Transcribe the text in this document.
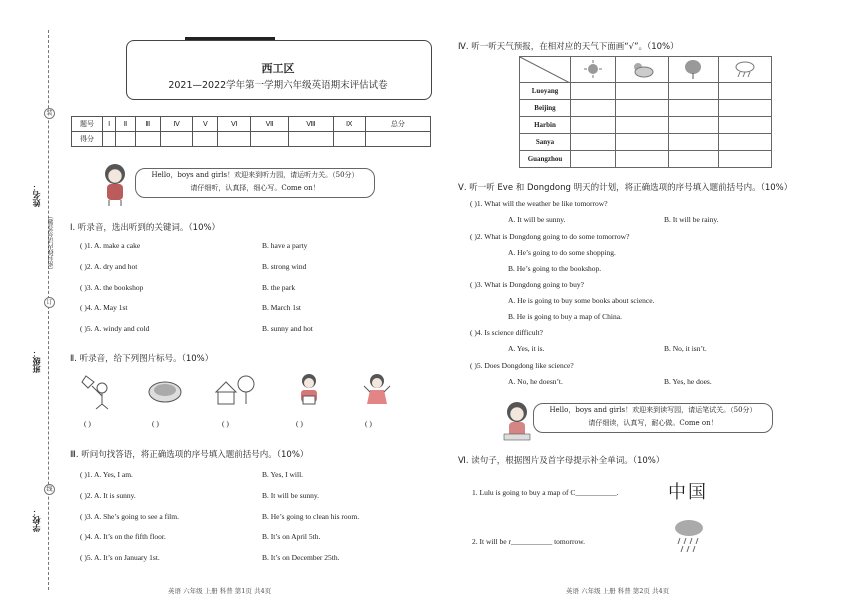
装
订
线
姓名：
（密封线内请勿答题）
班级：
学校：
西工区
2021—2022学年第一学期六年级英语期末评估试卷
题号	Ⅰ	Ⅱ	Ⅲ	Ⅳ	Ⅴ	Ⅵ	Ⅶ	Ⅷ	Ⅸ	总分
得分										
Hello，boys and girls！欢迎来到听力园，请运听力关。（50分）
请仔细听，认真择，细心写。Come on！
Ⅰ. 听录音，选出听到的关键词。（10%）
( )1. A. make a cake	B. have a party
( )2. A. dry and hot	B. strong wind
( )3. A. the bookshop	B. the park
( )4. A. May 1st	B. March 1st
( )5. A. windy and cold	B. sunny and hot
Ⅱ. 听录音，给下列图片标号。（10%）
( )	( )	( )	( )	( )
Ⅲ. 听问句找答语，将正确选项的序号填入题前括号内。（10%）
( )1. A. Yes, I am.	B. Yes, I will.
( )2. A. It is sunny.	B. It will be sunny.
( )3. A. She’s going to see a film.	B. He’s going to clean his room.
( )4. A. It’s on the fifth floor.	B. It’s on April 5th.
( )5. A. It’s on January 1st.	B. It’s on December 25th.
英语 六年级 上册 科普 第1页 共4页
Ⅳ. 听一听天气预报，在相对应的天气下面画“√”。（10%）

Luoyang				
Beijing				
Harbin				
Sanya				
Guangzhou				
Ⅴ. 听一听 Eve 和 Dongdong 明天的计划，将正确选项的序号填入题前括号内。（10%）
( )1. What will the weather be like tomorrow?
A. It will be sunny.	B. It will be rainy.
( )2. What is Dongdong going to do some tomorrow?
A. He’s going to do some shopping.
B. He’s going to the bookshop.
( )3. What is Dongdong going to buy?
A. He is going to buy some books about science.
B. He is going to buy a map of China.
( )4. Is science difficult?
A. Yes, it is.	B. No, it isn’t.
( )5. Does Dongdong like science?
A. No, he doesn’t.	B. Yes, he does.
Hello，boys and girls！欢迎来到读写园，请运笔试关。（50分）
请仔细读，认真写，耐心做。Come on！
Ⅵ. 读句子，根据图片及首字母提示补全单词。（10%）
1. Lulu is going to buy a map of C___________.	中国
2. It will be r___________ tomorrow.
英语 六年级 上册 科普 第2页 共4页
